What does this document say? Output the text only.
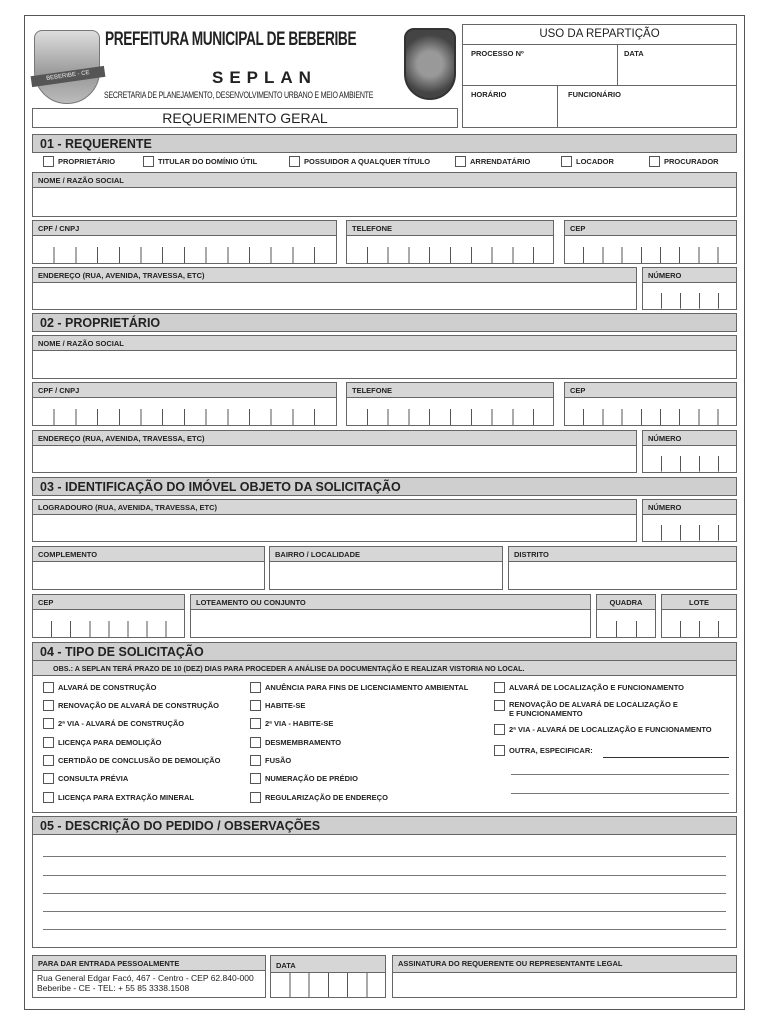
BEBERIBE - CE
PREFEITURA MUNICIPAL DE BEBERIBE
SEPLAN
SECRETARIA DE PLANEJAMENTO, DESENVOLVIMENTO URBANO E MEIO AMBIENTE
REQUERIMENTO GERAL
USO DA REPARTIÇÃO
PROCESSO Nº	DATA
HORÁRIO	FUNCIONÁRIO
01 - REQUERENTE
PROPRIETÁRIO	TITULAR DO DOMÍNIO ÚTIL	POSSUIDOR A QUALQUER TÍTULO	ARRENDATÁRIO	LOCADOR	PROCURADOR
NOME / RAZÃO SOCIAL
CPF / CNPJ	TELEFONE	CEP
ENDEREÇO (RUA, AVENIDA, TRAVESSA, ETC)	NÚMERO
02 - PROPRIETÁRIO
NOME / RAZÃO SOCIAL
CPF / CNPJ	TELEFONE	CEP
ENDEREÇO (RUA, AVENIDA, TRAVESSA, ETC)	NÚMERO
03 - IDENTIFICAÇÃO DO IMÓVEL OBJETO DA SOLICITAÇÃO
LOGRADOURO (RUA, AVENIDA, TRAVESSA, ETC)	NÚMERO
COMPLEMENTO	BAIRRO / LOCALIDADE	DISTRITO
CEP	LOTEAMENTO OU CONJUNTO	QUADRA	LOTE
04 - TIPO DE SOLICITAÇÃO
OBS.: A SEPLAN TERÁ PRAZO DE 10 (DEZ) DIAS PARA PROCEDER A ANÁLISE DA DOCUMENTAÇÃO E REALIZAR VISTORIA NO LOCAL.
ALVARÁ DE CONSTRUÇÃO
RENOVAÇÃO DE ALVARÁ DE CONSTRUÇÃO
2ª VIA - ALVARÁ DE CONSTRUÇÃO
LICENÇA PARA DEMOLIÇÃO
CERTIDÃO DE CONCLUSÃO DE DEMOLIÇÃO
CONSULTA PRÉVIA
LICENÇA PARA EXTRAÇÃO MINERAL
ANUÊNCIA PARA FINS DE LICENCIAMENTO AMBIENTAL
HABITE-SE
2ª VIA - HABITE-SE
DESMEMBRAMENTO
FUSÃO
NUMERAÇÃO DE PRÉDIO
REGULARIZAÇÃO DE ENDEREÇO
ALVARÁ DE LOCALIZAÇÃO E FUNCIONAMENTO
RENOVAÇÃO DE ALVARÁ DE LOCALIZAÇÃO E
E FUNCIONAMENTO
2ª VIA - ALVARÁ DE LOCALIZAÇÃO E FUNCIONAMENTO
OUTRA, ESPECIFICAR:
05 - DESCRIÇÃO DO PEDIDO / OBSERVAÇÕES
PARA DAR ENTRADA PESSOALMENTE
Rua General Edgar Facó, 467 - Centro - CEP 62.840-000
Beberibe - CE - TEL: + 55 85 3338.1508
DATA	ASSINATURA DO REQUERENTE OU REPRESENTANTE LEGAL
